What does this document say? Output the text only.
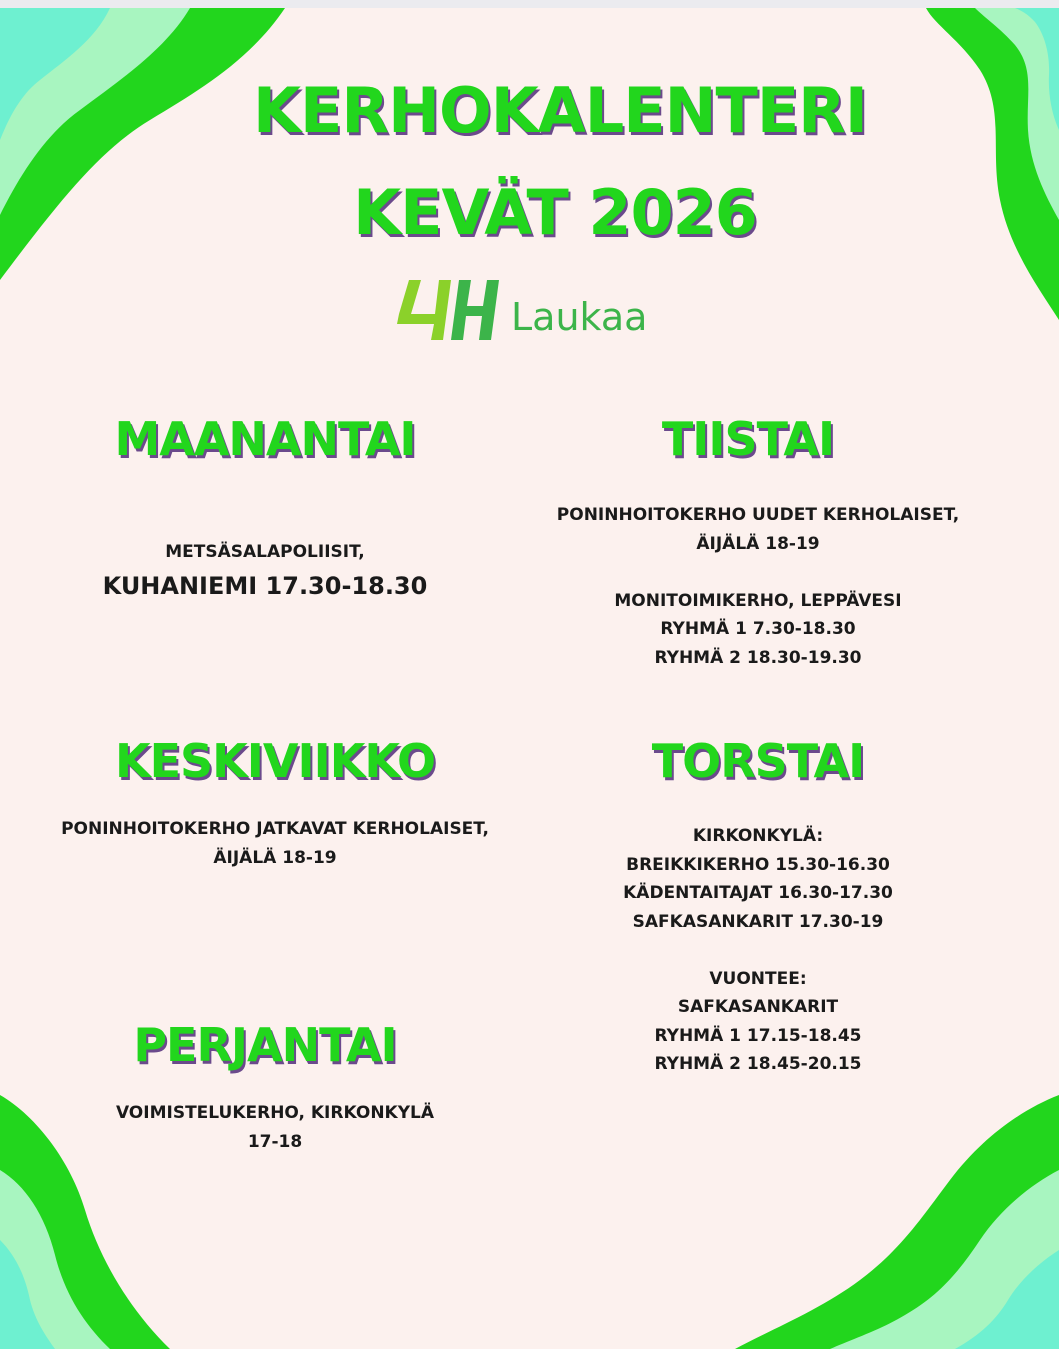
KERHOKALENTERI
KEVÄT 2026
Laukaa
MAANANTAI
METSÄSALAPOLIISIT,
KUHANIEMI 17.30-18.30
TIISTAI
PONINHOITOKERHO UUDET KERHOLAISET,
ÄIJÄLÄ 18-19
MONITOIMIKERHO, LEPPÄVESI
RYHMÄ 1 7.30-18.30
RYHMÄ 2 18.30-19.30
KESKIVIIKKO
PONINHOITOKERHO JATKAVAT KERHOLAISET,
ÄIJÄLÄ 18-19
TORSTAI
KIRKONKYLÄ:
BREIKKIKERHO 15.30-16.30
KÄDENTAITAJAT 16.30-17.30
SAFKASANKARIT 17.30-19
VUONTEE:
SAFKASANKARIT
RYHMÄ 1 17.15-18.45
RYHMÄ 2 18.45-20.15
PERJANTAI
VOIMISTELUKERHO, KIRKONKYLÄ
17-18
